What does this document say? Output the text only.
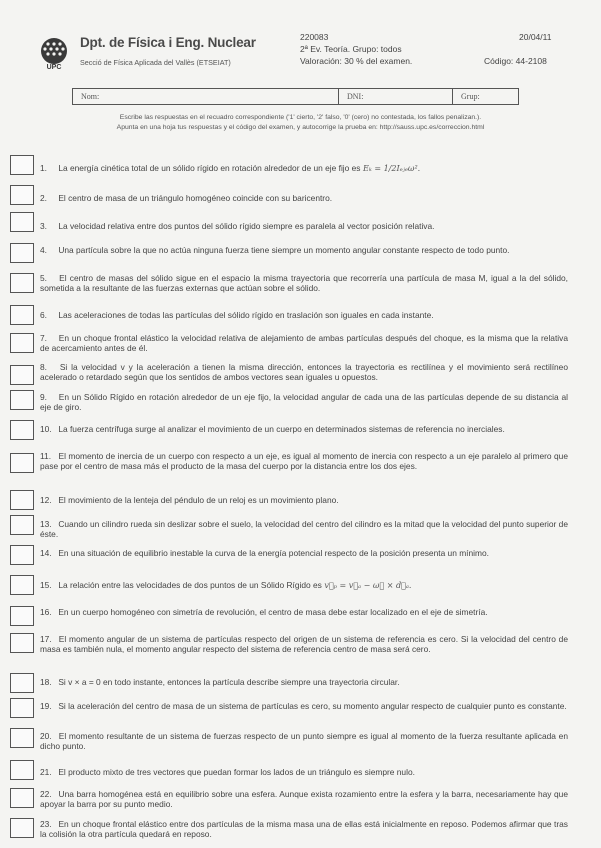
UPC
Dpt. de Física i Eng. Nuclear
Secció de Física Aplicada del Vallès (ETSEIAT)
220083
2ª Ev. Teoría. Grupo: todos
Valoración: 30 % del examen.
20/04/11
Código: 44-2108
Nom:	DNI:	Grup:
Escribe las respuestas en el recuadro correspondiente ('1' cierto, '2' falso, '0' (cero) no contestada, los fallos penalizan.).
Apunta en una hoja tus respuestas y el código del examen, y autocorrige la prueba en: http://sauss.upc.es/correccion.html
1. La energía cinética total de un sólido rígido en rotación alrededor de un eje fijo es Eₖ = 1/2Iₑⱼₑω².
2. El centro de masa de un triángulo homogéneo coincide con su baricentro.
3. La velocidad relativa entre dos puntos del sólido rígido siempre es paralela al vector posición relativa.
4. Una partícula sobre la que no actúa ninguna fuerza tiene siempre un momento angular constante respecto de todo punto.
5. El centro de masas del sólido sigue en el espacio la misma trayectoria que recorrería una partícula de masa M, igual a la del sólido, sometida a la resultante de las fuerzas externas que actúan sobre el sólido.
6. Las aceleraciones de todas las partículas del sólido rígido en traslación son iguales en cada instante.
7. En un choque frontal elástico la velocidad relativa de alejamiento de ambas partículas después del choque, es la misma que la relativa de acercamiento antes de él.
8. Si la velocidad v y la aceleración a tienen la misma dirección, entonces la trayectoria es rectilínea y el movimiento será rectilíneo acelerado o retardado según que los sentidos de ambos vectores sean iguales u opuestos.
9. En un Sólido Rígido en rotación alrededor de un eje fijo, la velocidad angular de cada una de las partículas depende de su distancia al eje de giro.
10. La fuerza centrífuga surge al analizar el movimiento de un cuerpo en determinados sistemas de referencia no inerciales.
11. El momento de inercia de un cuerpo con respecto a un eje, es igual al momento de inercia con respecto a un eje paralelo al primero que pase por el centro de masa más el producto de la masa del cuerpo por la distancia entre los dos ejes.
12. El movimiento de la lenteja del péndulo de un reloj es un movimiento plano.
13. Cuando un cilindro rueda sin deslizar sobre el suelo, la velocidad del centro del cilindro es la mitad que la velocidad del punto superior de éste.
14. En una situación de equilibrio inestable la curva de la energía potencial respecto de la posición presenta un mínimo.
15. La relación entre las velocidades de dos puntos de un Sólido Rígido es v⃗ₚ = v⃗ₐ − ω⃗ × d⃗ₐ.
16. En un cuerpo homogéneo con simetría de revolución, el centro de masa debe estar localizado en el eje de simetría.
17. El momento angular de un sistema de partículas respecto del origen de un sistema de referencia es cero. Si la velocidad del centro de masa es también nula, el momento angular respecto del sistema de referencia centro de masa será cero.
18. Si v × a = 0 en todo instante, entonces la partícula describe siempre una trayectoria circular.
19. Si la aceleración del centro de masa de un sistema de partículas es cero, su momento angular respecto de cualquier punto es constante.
20. El momento resultante de un sistema de fuerzas respecto de un punto siempre es igual al momento de la fuerza resultante aplicada en dicho punto.
21. El producto mixto de tres vectores que puedan formar los lados de un triángulo es siempre nulo.
22. Una barra homogénea está en equilibrio sobre una esfera. Aunque exista rozamiento entre la esfera y la barra, necesariamente hay que apoyar la barra por su punto medio.
23. En un choque frontal elástico entre dos partículas de la misma masa una de ellas está inicialmente en reposo. Podemos afirmar que tras la colisión la otra partícula quedará en reposo.
